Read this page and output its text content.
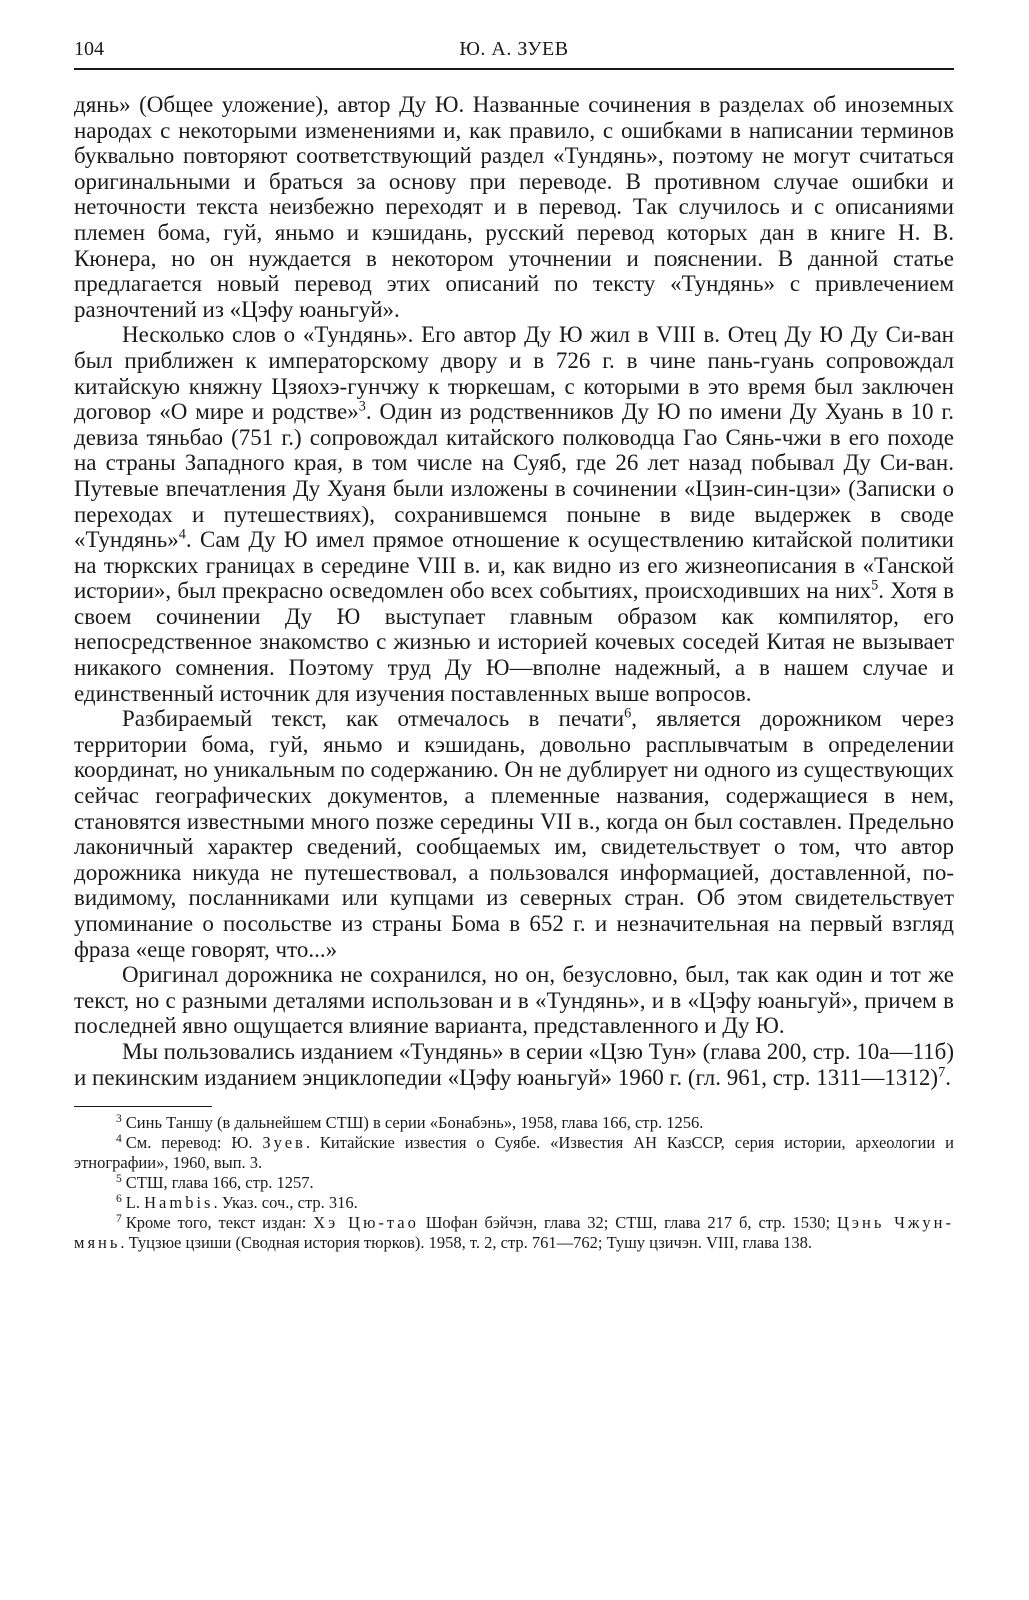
104	Ю. А. ЗУЕВ

дянь» (Общее уложение), автор Ду Ю. Названные сочинения в разделах об иноземных народах с некоторыми изменениями и, как правило, с ошибками в написании терминов буквально повторяют соответствующий раздел «Тундянь», поэтому не могут считаться оригинальными и браться за основу при переводе. В противном случае ошибки и неточности текста неизбежно переходят и в перевод. Так случилось и с описаниями племен бома, гуй, яньмо и кэшидань, русский перевод которых дан в книге Н. В. Кюнера, но он нуждается в некотором уточнении и пояснении. В данной статье предлагается новый перевод этих описаний по тексту «Тундянь» с привлечением разночтений из «Цэфу юаньгуй».

Несколько слов о «Тундянь». Его автор Ду Ю жил в VIII в. Отец Ду Ю Ду Си-ван был приближен к императорскому двору и в 726 г. в чине пань-гуань сопровождал китайскую княжну Цзяохэ-гунчжу к тюркешам, с которыми в это время был заключен договор «О мире и родстве»$^3$. Один из родственников Ду Ю по имени Ду Хуань в 10 г. девиза тяньбао (751 г.) сопровождал китайского полководца Гао Сянь-чжи в его походе на страны Западного края, в том числе на Суяб, где 26 лет назад побывал Ду Си-ван. Путевые впечатления Ду Хуаня были изложены в сочинении «Цзин-син-цзи» (Записки о переходах и путешествиях), сохранившемся поныне в виде выдержек в своде «Тундянь»$^4$. Сам Ду Ю имел прямое отношение к осуществлению китайской политики на тюркских границах в середине VIII в. и, как видно из его жизнеописания в «Танской истории», был прекрасно осведомлен обо всех событиях, происходивших на них$^5$. Хотя в своем сочинении Ду Ю выступает главным образом как компилятор, его непосредственное знакомство с жизнью и историей кочевых соседей Китая не вызывает никакого сомнения. Поэтому труд Ду Ю—вполне надежный, а в нашем случае и единственный источник для изучения поставленных выше вопросов.

Разбираемый текст, как отмечалось в печати$^6$, является дорожником через территории бома, гуй, яньмо и кэшидань, довольно расплывчатым в определении координат, но уникальным по содержанию. Он не дублирует ни одного из существующих сейчас географических документов, а племенные названия, содержащиеся в нем, становятся известными много позже середины VII в., когда он был составлен. Предельно лаконичный характер сведений, сообщаемых им, свидетельствует о том, что автор дорожника никуда не путешествовал, а пользовался информацией, доставленной, по-видимому, посланниками или купцами из северных стран. Об этом свидетельствует упоминание о посольстве из страны Бома в 652 г. и незначительная на первый взгляд фраза «еще говорят, что...»

Оригинал дорожника не сохранился, но он, безусловно, был, так как один и тот же текст, но с разными деталями использован и в «Тундянь», и в «Цэфу юаньгуй», причем в последней явно ощущается влияние варианта, представленного и Ду Ю.

Мы пользовались изданием «Тундянь» в серии «Цзю Тун» (глава 200, стр. 10а—11б) и пекинским изданием энциклопедии «Цэфу юаньгуй» 1960 г. (гл. 961, стр. 1311—1312)$^7$.

$^3$ Синь Таншу (в дальнейшем СТШ) в серии «Бонабэнь», 1958, глава 166, стр. 1256.

$^4$ См. перевод: Ю. Зуев. Китайские известия о Суябе. «Известия АН КазССР, серия истории, археологии и этнографии», 1960, вып. 3.

$^5$ СТШ, глава 166, стр. 1257.

$^6$ L. Hambis. Указ. соч., стр. 316.

$^7$ Кроме того, текст издан: Хэ Цю-тао Шофан бэйчэн, глава 32; СТШ, глава 217 б, стр. 1530; Цэнь Чжун-мянь. Туцзюе цзиши (Сводная история тюрков). 1958, т. 2, стр. 761—762; Тушу цзичэн. VIII, глава 138.
